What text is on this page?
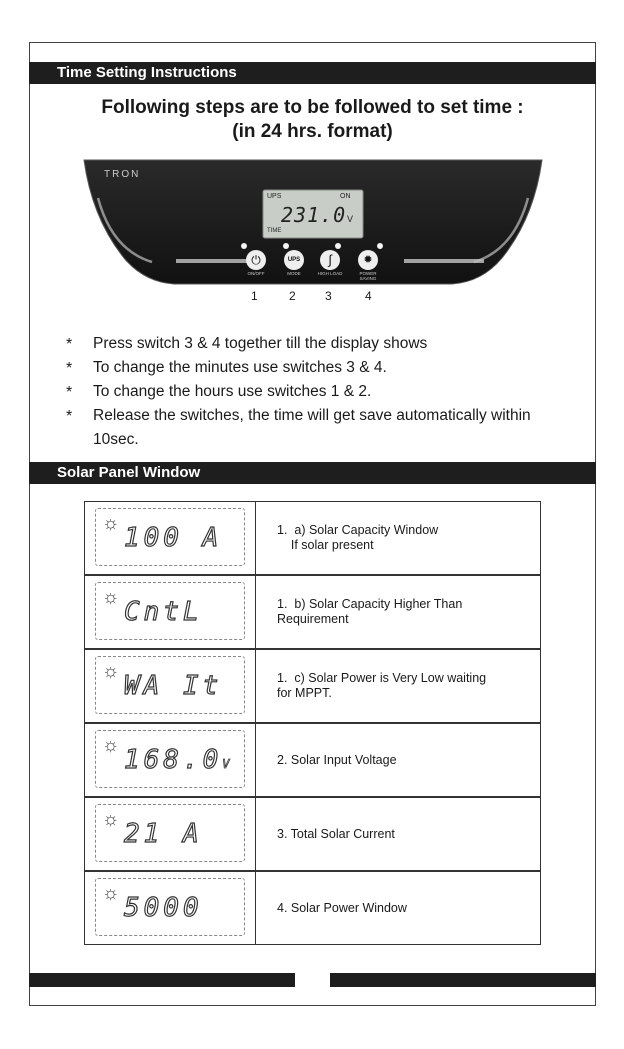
Time Setting Instructions
Following steps are to be followed to set time :
(in 24 hrs. format)
TRON
UPS	ON
231.0 V
TIME
⏻	UPS	∫	✹
ON/OFF	MODE	HIGH LOAD	POWER SAVING
1	2 3	4
* Press switch 3 & 4 together till the display shows
* To change the minutes use switches 3 & 4.
* To change the hours use switches 1 & 2.
* Release the switches, the time will get save automatically within 10sec.
Solar Panel Window
☼ 100 A	1.  a) Solar Capacity Window
If solar present
☼ CntL	1.  b) Solar Capacity Higher Than
Requirement
☼ WA It	1.  c) Solar Power is Very Low waiting
for MPPT.
☼ 168.0V	2. Solar Input Voltage
☼ 21 A	3. Total Solar Current
☼ 5000	4. Solar Power Window
